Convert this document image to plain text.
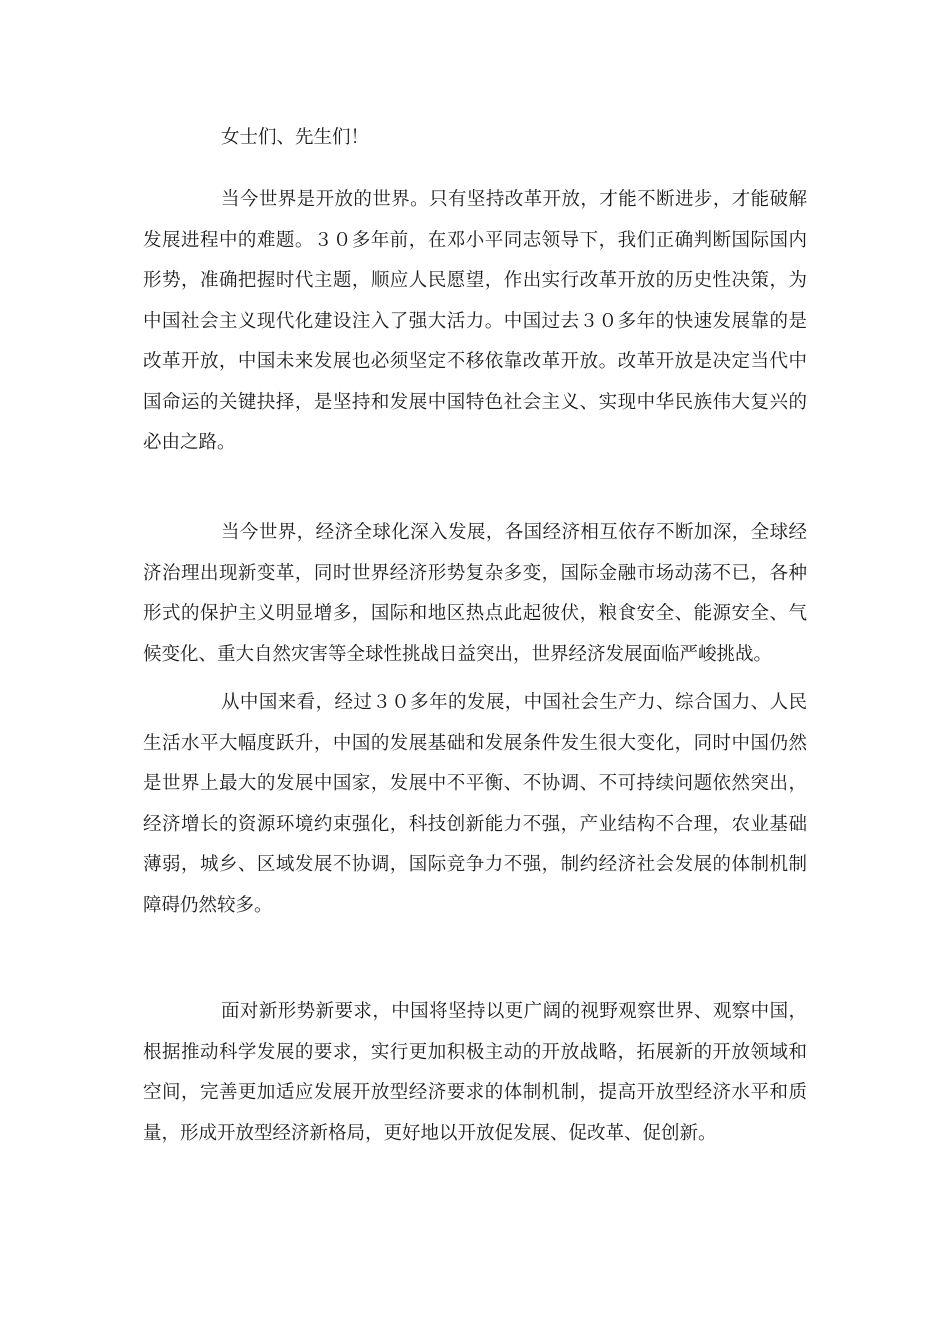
女士们、先生们！

当今世界是开放的世界。只有坚持改革开放，才能不断进步，才能破解发展进程中的难题。３０多年前，在邓小平同志领导下，我们正确判断国际国内形势，准确把握时代主题，顺应人民愿望，作出实行改革开放的历史性决策，为中国社会主义现代化建设注入了强大活力。中国过去３０多年的快速发展靠的是改革开放，中国未来发展也必须坚定不移依靠改革开放。改革开放是决定当代中国命运的关键抉择，是坚持和发展中国特色社会主义、实现中华民族伟大复兴的必由之路。

当今世界，经济全球化深入发展，各国经济相互依存不断加深，全球经济治理出现新变革，同时世界经济形势复杂多变，国际金融市场动荡不已，各种形式的保护主义明显增多，国际和地区热点此起彼伏，粮食安全、能源安全、气候变化、重大自然灾害等全球性挑战日益突出，世界经济发展面临严峻挑战。

从中国来看，经过３０多年的发展，中国社会生产力、综合国力、人民生活水平大幅度跃升，中国的发展基础和发展条件发生很大变化，同时中国仍然是世界上最大的发展中国家，发展中不平衡、不协调、不可持续问题依然突出，经济增长的资源环境约束强化，科技创新能力不强，产业结构不合理，农业基础薄弱，城乡、区域发展不协调，国际竞争力不强，制约经济社会发展的体制机制障碍仍然较多。

面对新形势新要求，中国将坚持以更广阔的视野观察世界、观察中国，根据推动科学发展的要求，实行更加积极主动的开放战略，拓展新的开放领域和空间，完善更加适应发展开放型经济要求的体制机制，提高开放型经济水平和质量，形成开放型经济新格局，更好地以开放促发展、促改革、促创新。
